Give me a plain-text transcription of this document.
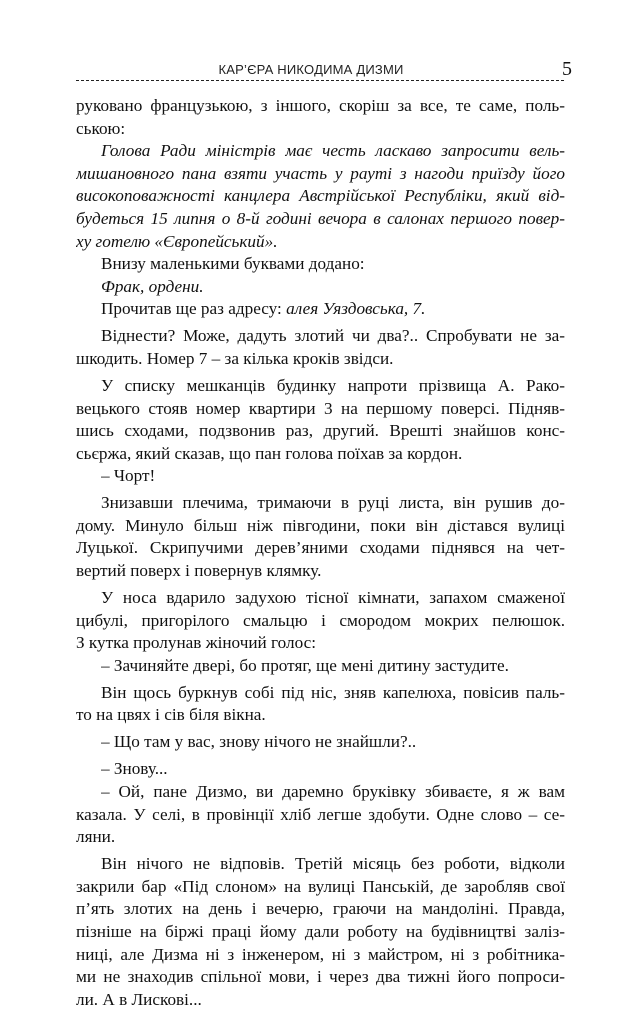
КАР’ЄРА НИКОДИМА ДИЗМИ	5
руковано французькою, з іншого, скоріш за все, те саме, поль-
ською:
Голова Ради міністрів має честь ласкаво запросити вель-
мишановного пана взяти участь у рауті з нагоди приїзду його
високоповажності канцлера Австрійської Республіки, який від-
будеться 15 липня о 8-й годині вечора в салонах першого повер-
ху готелю «Європейський».
Внизу маленькими буквами додано:
Фрак, ордени.
Прочитав ще раз адресу: алея Уяздовська, 7.
Віднести? Може, дадуть злотий чи два?.. Спробувати не за-
шкодить. Номер 7 – за кілька кроків звідси.
У списку мешканців будинку напроти прізвища А. Рако-
вецького стояв номер квартири 3 на першому поверсі. Підняв-
шись сходами, подзвонив раз, другий. Врешті знайшов конс-
сьєржа, який сказав, що пан голова поїхав за кордон.
– Чорт!
Знизавши плечима, тримаючи в руці листа, він рушив до-
дому. Минуло більш ніж півгодини, поки він дістався вулиці
Луцької. Скрипучими дерев’яними сходами піднявся на чет-
вертий поверх і повернув клямку.
У носа вдарило задухою тісної кімнати, запахом смаженої
цибулі, пригорілого смальцю і смородом мокрих пелюшок.
З кутка пролунав жіночий голос:
– Зачиняйте двері, бо протяг, ще мені дитину застудите.
Він щось буркнув собі під ніс, зняв капелюха, повісив паль-
то на цвях і сів біля вікна.
– Що там у вас, знову нічого не знайшли?..
– Знову...
– Ой, пане Дизмо, ви даремно бруківку збиваєте, я ж вам
казала. У селі, в провінції хліб легше здобути. Одне слово – се-
ляни.
Він нічого не відповів. Третій місяць без роботи, відколи
закрили бар «Під слоном» на вулиці Панській, де заробляв свої
п’ять злотих на день і вечерю, граючи на мандоліні. Правда,
пізніше на біржі праці йому дали роботу на будівництві заліз-
ниці, але Дизма ні з інженером, ні з майстром, ні з робітника-
ми не знаходив спільної мови, і через два тижні його попроси-
ли. А в Лискові...
